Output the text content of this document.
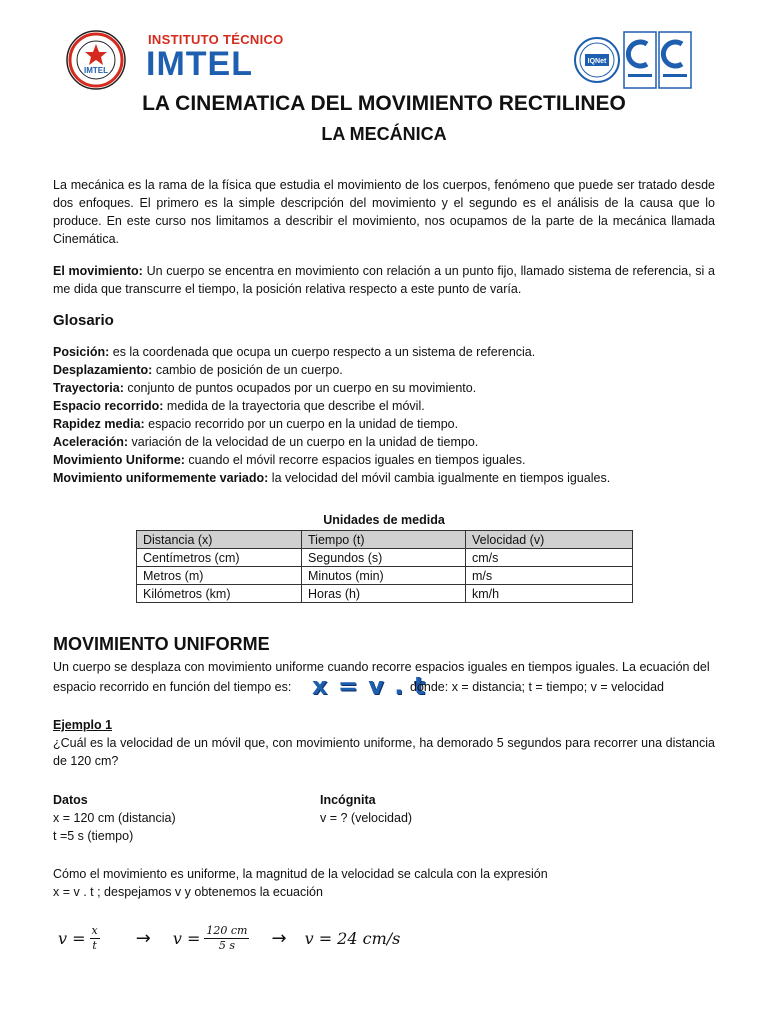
IMTEL
INSTITUTO TÉCNICO
IMTEL	IQNet
LA CINEMATICA DEL MOVIMIENTO RECTILINEO
LA MECÁNICA
La mecánica es la rama de la física que estudia el movimiento de los cuerpos, fenómeno que puede ser tratado desde dos enfoques. El primero es la simple descripción del movimiento y el segundo es el análisis de la causa que lo produce. En este curso nos limitamos a describir el movimiento, nos ocupamos de la parte de la mecánica llamada Cinemática.
El movimiento: Un cuerpo se encentra en movimiento con relación a un punto fijo, llamado sistema de referencia, si a me dida que transcurre el tiempo, la posición relativa respecto a este punto de varía.
Glosario
Posición: es la coordenada que ocupa un cuerpo respecto a un sistema de referencia.
Desplazamiento: cambio de posición de un cuerpo.
Trayectoria: conjunto de puntos ocupados por un cuerpo en su movimiento.
Espacio recorrido: medida de la trayectoria que describe el móvil.
Rapidez media: espacio recorrido por un cuerpo en la unidad de tiempo.
Aceleración: variación de la velocidad de un cuerpo en la unidad de tiempo.
Movimiento Uniforme: cuando el móvil recorre espacios iguales en tiempos iguales.
Movimiento uniformemente variado: la velocidad del móvil cambia igualmente en tiempos iguales.
Unidades de medida
Distancia (x)	Tiempo (t)	Velocidad (v)
Centímetros (cm)	Segundos (s)	cm/s
Metros (m)	Minutos (min)	m/s
Kilómetros (km)	Horas (h)	km/h
MOVIMIENTO UNIFORME
Un cuerpo se desplaza con movimiento uniforme cuando recorre espacios iguales en tiempos iguales. La ecuación del
espacio recorrido en función del tiempo es: x = v . t
dónde: x = distancia; t = tiempo; v = velocidad
Ejemplo 1
¿Cuál es la velocidad de un móvil que, con movimiento uniforme, ha demorado 5 segundos para recorrer una distancia de 120 cm?
Datos
x = 120 cm (distancia)
t =5 s (tiempo)
Incógnita
v = ? (velocidad)
Cómo el movimiento es uniforme, la magnitud de la velocidad se calcula con la expresión
x = v . t ; despejamos v y obtenemos la ecuación
$v = \frac{x}{t} \to v = \frac{120 cm}{5 s} \to v = 24$ cm/s
